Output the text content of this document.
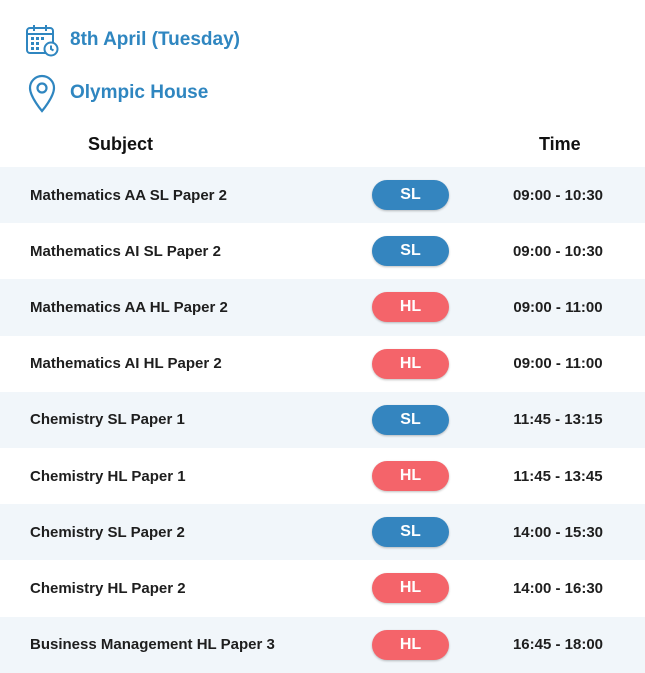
8th April (Tuesday)
Olympic House
Subject	Time
Mathematics AA SL Paper 2	SL	09:00 - 10:30
Mathematics AI SL Paper 2	SL	09:00 - 10:30
Mathematics AA HL Paper 2	HL	09:00 - 11:00
Mathematics AI HL Paper 2	HL	09:00 - 11:00
Chemistry SL Paper 1	SL	11:45 - 13:15
Chemistry HL Paper 1	HL	11:45 - 13:45
Chemistry SL Paper 2	SL	14:00 - 15:30
Chemistry HL Paper 2	HL	14:00 - 16:30
Business Management HL Paper 3	HL	16:45 - 18:00
